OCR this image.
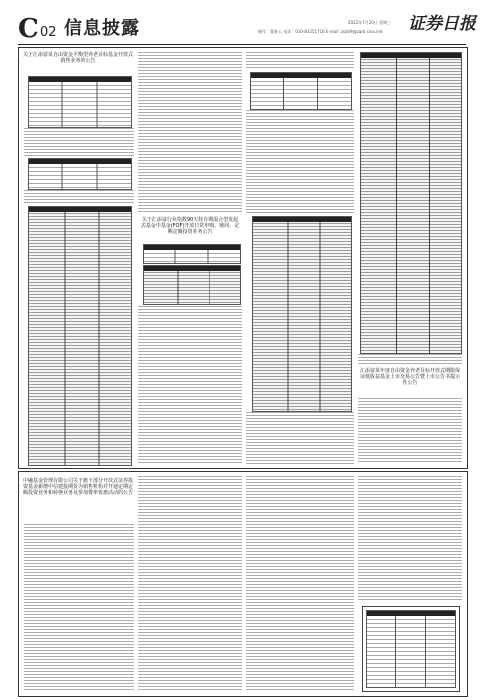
C 02 信息披露	2022年7月20日 星期三
制作：董春云 电话：010-83251716 E-mail: zqrb9@zqrb.sina.net 证券日报
关于汇添富某自由资金平衡型养老目标基金开放式销售业务的公告
关于汇添富行业指数90天持有期混合型发起式基金中基金(FOF)开放日常申购、赎回、定期定额投资业务公告
汇添富某年度自由资金养老目标开放式期限保证低收益基金上市交易公告暨上市公告书提示性公告
中融基金管理有限公司关于旗下部分开放式证券投资基金新增中信建投期货为销售机构并开通定期定额投资业务和转换业务及参加费率优惠活动的公告
